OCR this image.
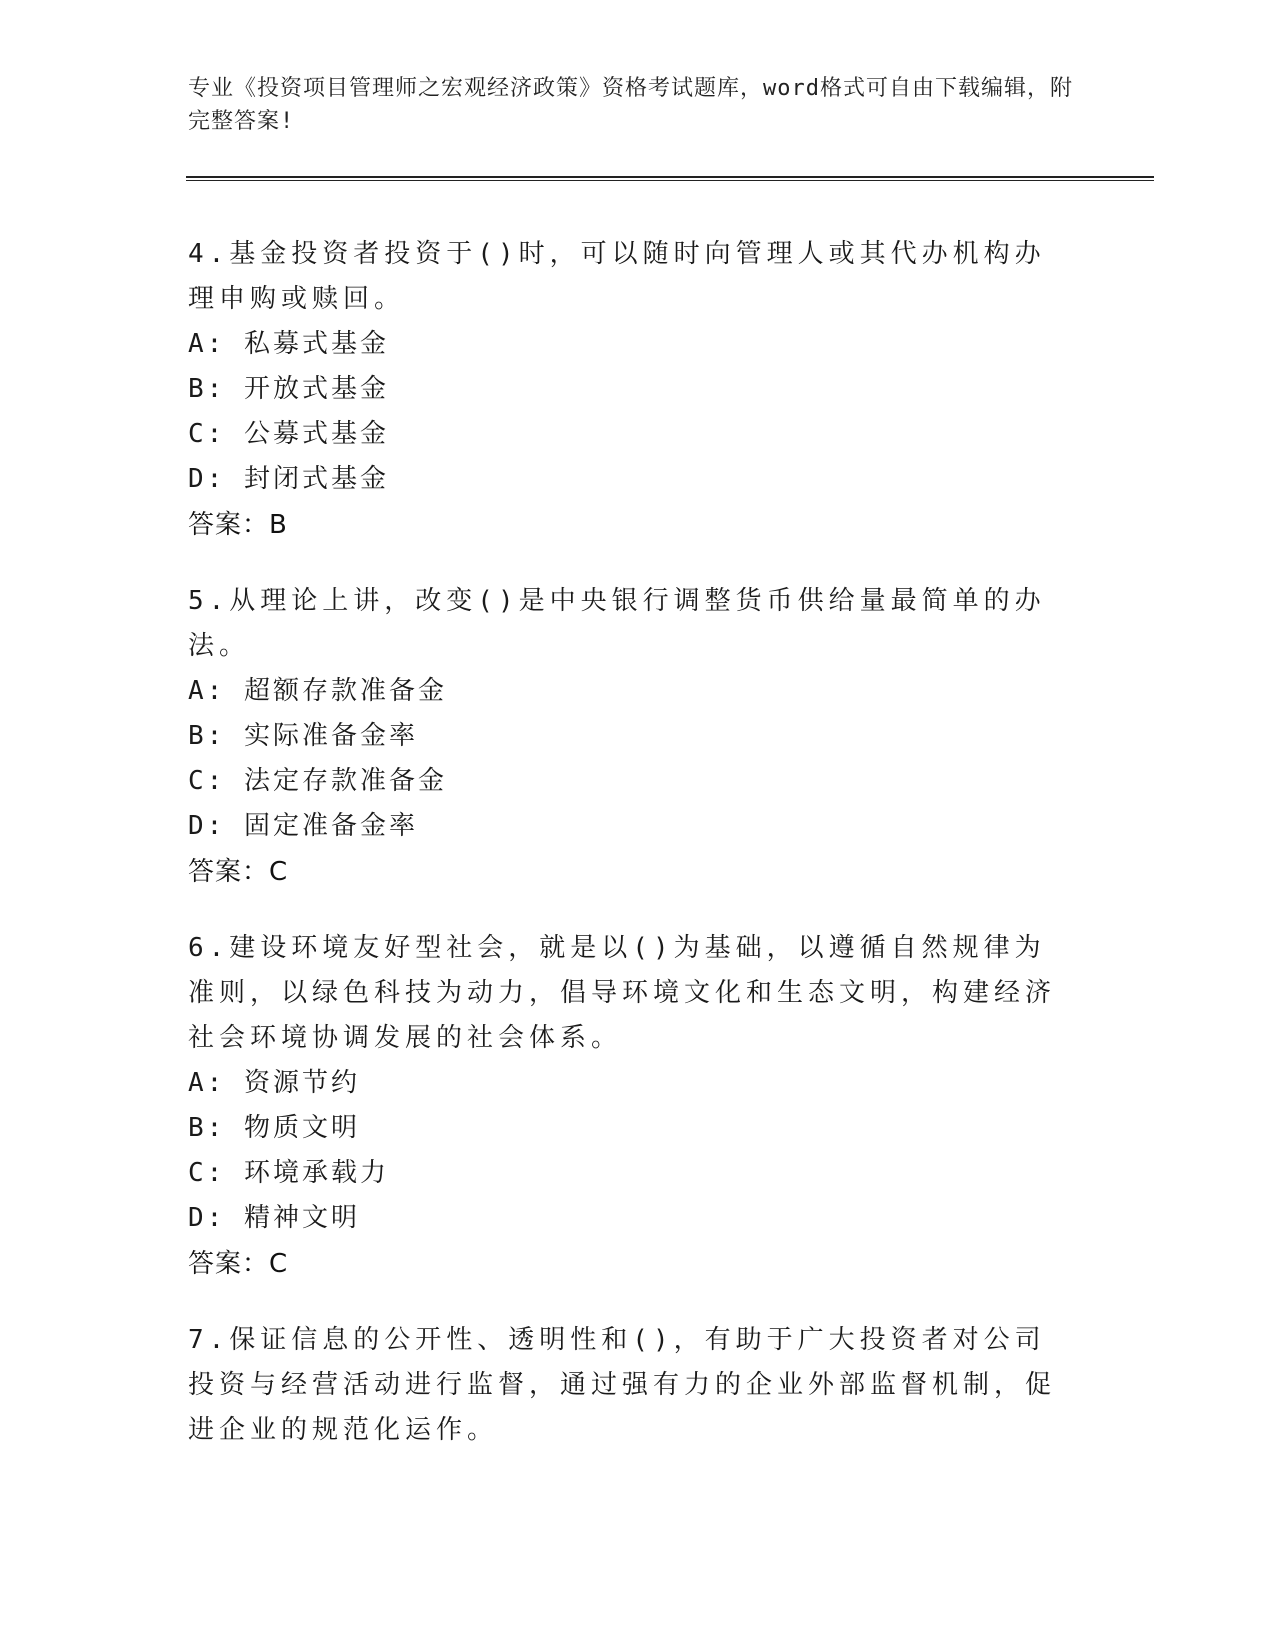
专业《投资项目管理师之宏观经济政策》资格考试题库，word格式可自由下载编辑，附完整答案!
4.基金投资者投资于()时，可以随时向管理人或其代办机构办理申购或赎回。
A: 私募式基金
B: 开放式基金
C: 公募式基金
D: 封闭式基金
答案：B
5.从理论上讲，改变()是中央银行调整货币供给量最简单的办法。
A: 超额存款准备金
B: 实际准备金率
C: 法定存款准备金
D: 固定准备金率
答案：C
6.建设环境友好型社会，就是以()为基础，以遵循自然规律为准则，以绿色科技为动力，倡导环境文化和生态文明，构建经济社会环境协调发展的社会体系。
A: 资源节约
B: 物质文明
C: 环境承载力
D: 精神文明
答案：C
7.保证信息的公开性、透明性和()，有助于广大投资者对公司投资与经营活动进行监督，通过强有力的企业外部监督机制，促进企业的规范化运作。
